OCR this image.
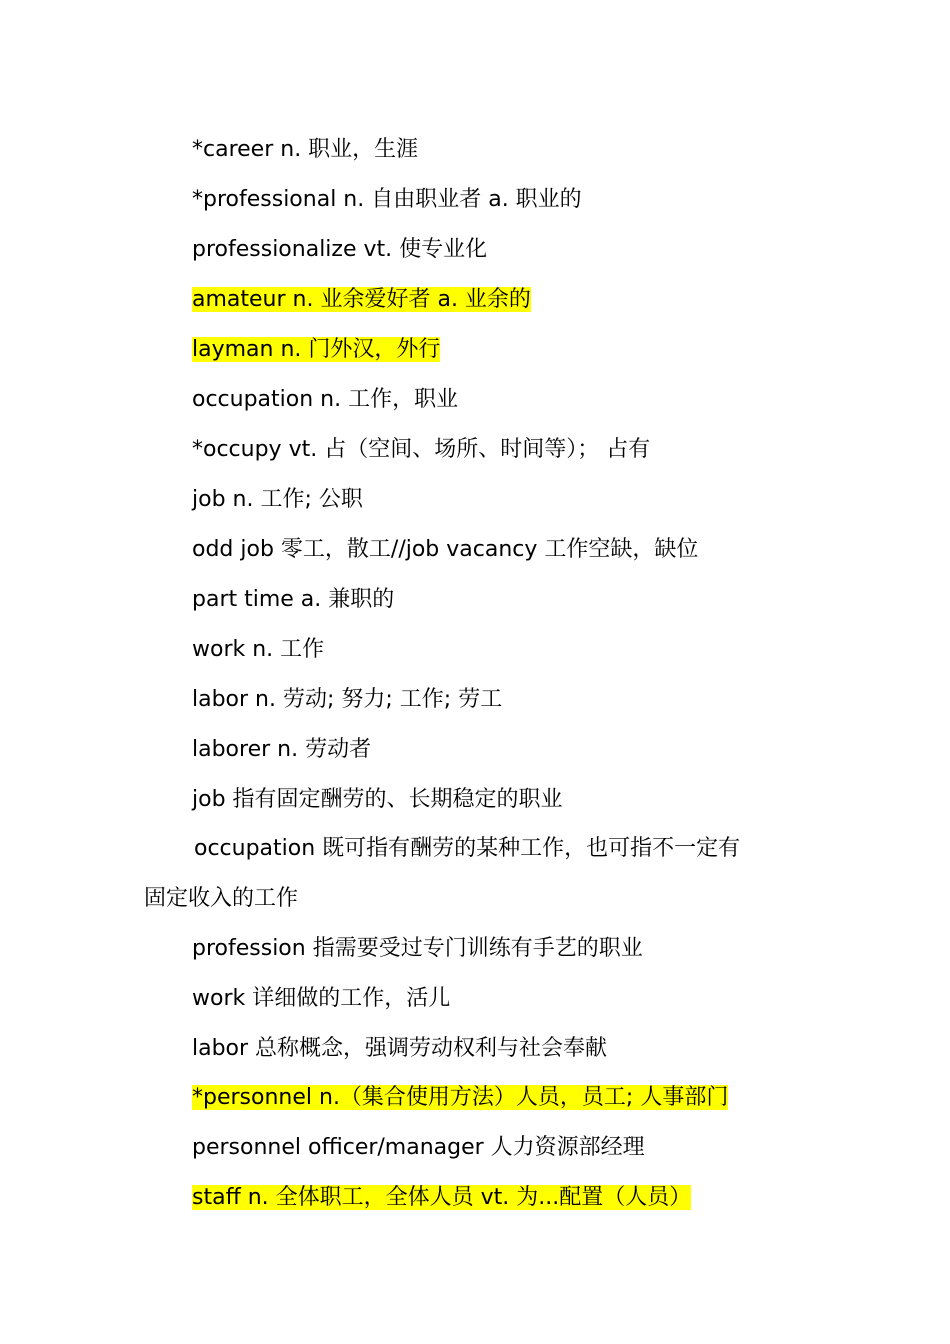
*career n. 职业，生涯
*professional n. 自由职业者 a. 职业的
professionalize vt. 使专业化
amateur n. 业余爱好者 a. 业余的
layman n. 门外汉，外行
occupation n. 工作，职业
*occupy vt. 占（空间、场所、时间等）； 占有
job n. 工作; 公职
odd job 零工，散工//job vacancy 工作空缺，缺位
part time a. 兼职的
work n. 工作
labor n. 劳动; 努力; 工作; 劳工
laborer n. 劳动者
job 指有固定酬劳的、长期稳定的职业
occupation 既可指有酬劳的某种工作，也可指不一定有
固定收入的工作
profession 指需要受过专门训练有手艺的职业
work 详细做的工作，活儿
labor 总称概念，强调劳动权利与社会奉献
*personnel n.（集合使用方法）人员，员工; 人事部门
personnel officer/manager 人力资源部经理
staff n. 全体职工，全体人员 vt. 为...配置（人员）
